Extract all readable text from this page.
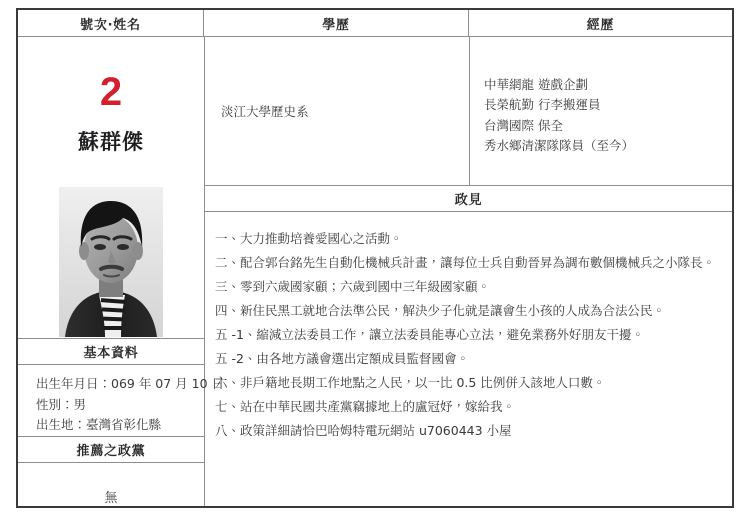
號次·姓名	學歷	經歷
2
蘇群傑
基本資料
出生年月日：069 年 07 月 10 日
性別：男
出生地：臺灣省彰化縣
推薦之政黨
無
淡江大學歷史系
中華網龍 遊戲企劃
長榮航勤 行李搬運員
台灣國際 保全
秀水鄉清潔隊隊員（至今）
政見
一、大力推動培養愛國心之活動。
二、配合郭台銘先生自動化機械兵計畫，讓每位士兵自動晉昇為調布數個機械兵之小隊長。
三、零到六歲國家顧；六歲到國中三年級國家顧。
四、新住民黑工就地合法準公民，解決少子化就是讓會生小孩的人成為合法公民。
五 -1、縮減立法委員工作，讓立法委員能專心立法，避免業務外好朋友干擾。
五 -2、由各地方議會選出定額成員監督國會。
六、非戶籍地長期工作地點之人民，以一比 0.5 比例併入該地人口數。
七、站在中華民國共產黨竊據地上的盧冠妤，嫁給我。
八、政策詳細請恰巴哈姆特電玩網站 u7060443 小屋
